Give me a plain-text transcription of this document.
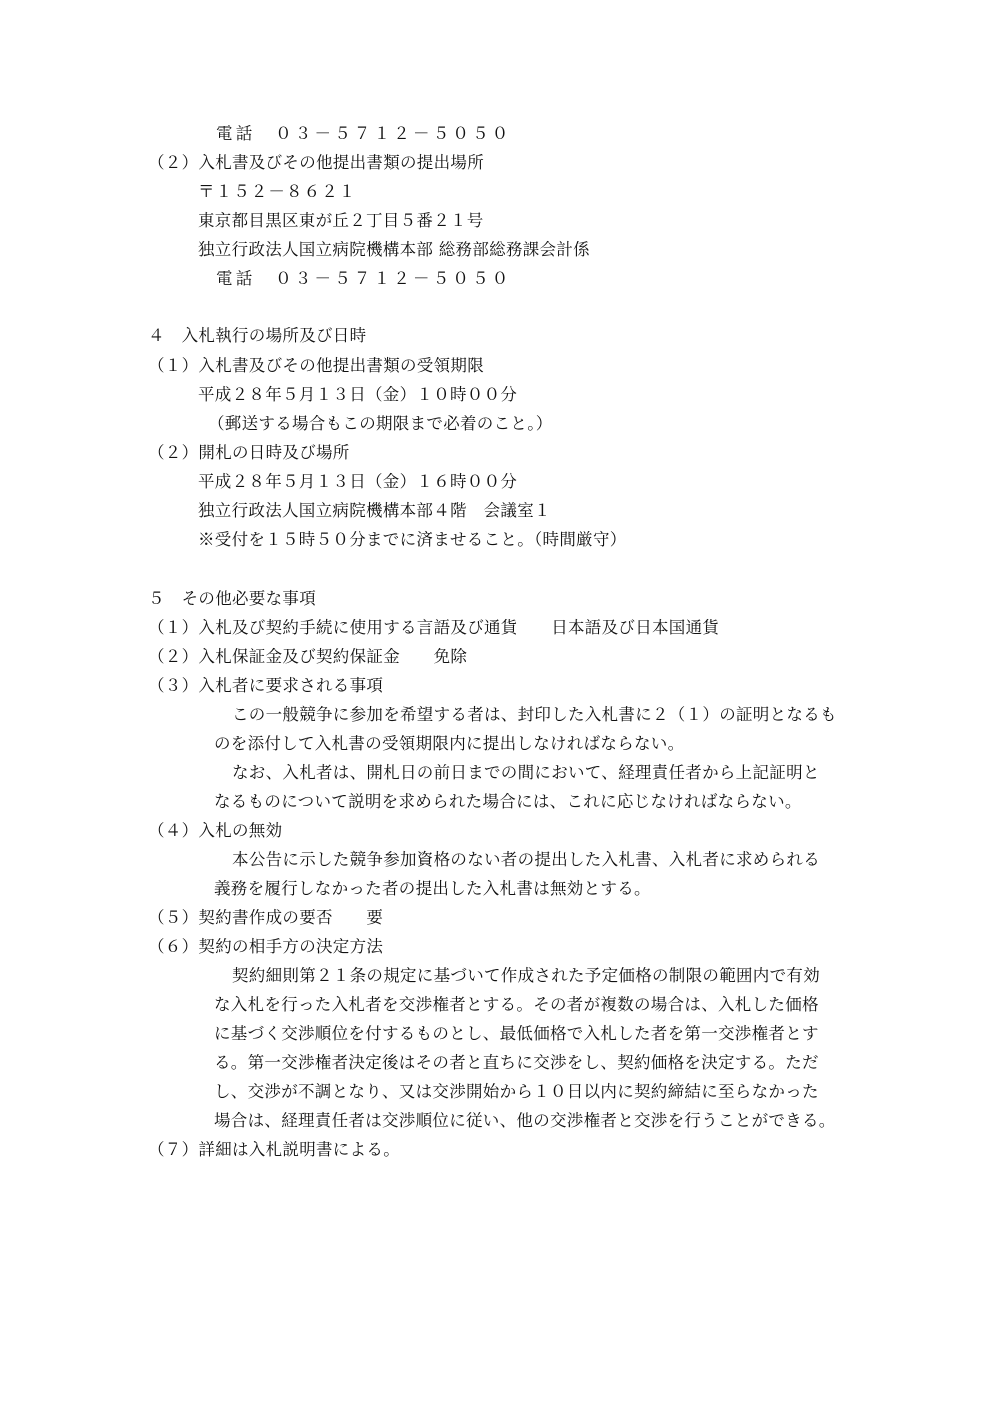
電話　０３－５７１２－５０５０
（２）入札書及びその他提出書類の提出場所
〒１５２－８６２１
東京都目黒区東が丘２丁目５番２１号
独立行政法人国立病院機構本部 総務部総務課会計係
電話　０３－５７１２－５０５０
４　入札執行の場所及び日時
（１）入札書及びその他提出書類の受領期限
平成２８年５月１３日（金）１０時００分
（郵送する場合もこの期限まで必着のこと。）
（２）開札の日時及び場所
平成２８年５月１３日（金）１６時００分
独立行政法人国立病院機構本部４階　会議室１
※受付を１５時５０分までに済ませること。（時間厳守）
５　その他必要な事項
（１）入札及び契約手続に使用する言語及び通貨　　日本語及び日本国通貨
（２）入札保証金及び契約保証金　　免除
（３）入札者に要求される事項
この一般競争に参加を希望する者は、封印した入札書に２（１）の証明となるも
のを添付して入札書の受領期限内に提出しなければならない。
なお、入札者は、開札日の前日までの間において、経理責任者から上記証明と
なるものについて説明を求められた場合には、これに応じなければならない。
（４）入札の無効
本公告に示した競争参加資格のない者の提出した入札書、入札者に求められる
義務を履行しなかった者の提出した入札書は無効とする。
（５）契約書作成の要否　　要
（６）契約の相手方の決定方法
契約細則第２１条の規定に基づいて作成された予定価格の制限の範囲内で有効
な入札を行った入札者を交渉権者とする。その者が複数の場合は、入札した価格
に基づく交渉順位を付するものとし、最低価格で入札した者を第一交渉権者とす
る。第一交渉権者決定後はその者と直ちに交渉をし、契約価格を決定する。ただ
し、交渉が不調となり、又は交渉開始から１０日以内に契約締結に至らなかった
場合は、経理責任者は交渉順位に従い、他の交渉権者と交渉を行うことができる。
（７）詳細は入札説明書による。
